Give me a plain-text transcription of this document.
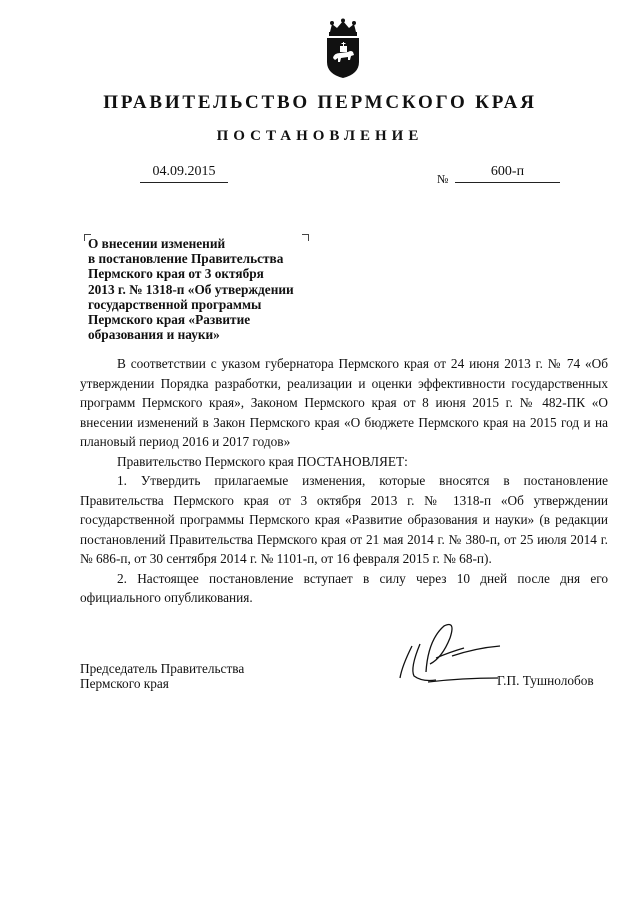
ПРАВИТЕЛЬСТВО ПЕРМСКОГО КРАЯ
ПОСТАНОВЛЕНИЕ
04.09.2015	№	600-п
О внесении изменений
в постановление Правительства
Пермского края от 3 октября
2013 г. № 1318-п «Об утверждении
государственной программы
Пермского края «Развитие
образования и науки»

В соответствии с указом губернатора Пермского края от 24 июня 2013 г. № 74 «Об утверждении Порядка разработки, реализации и оценки эффективности государственных программ Пермского края», Законом Пермского края от 8 июня 2015 г. № 482-ПК «О внесении изменений в Закон Пермского края «О бюджете Пермского края на 2015 год и на плановый период 2016 и 2017 годов»

Правительство Пермского края ПОСТАНОВЛЯЕТ:

1. Утвердить прилагаемые изменения, которые вносятся в постановление Правительства Пермского края от 3 октября 2013 г. № 1318-п «Об утверждении государственной программы Пермского края «Развитие образования и науки» (в редакции постановлений Правительства Пермского края от 21 мая 2014 г. № 380-п, от 25 июля 2014 г. № 686-п, от 30 сентября 2014 г. № 1101-п, от 16 февраля 2015 г. № 68-п).

2. Настоящее постановление вступает в силу через 10 дней после дня его официального опубликования.

Председатель Правительства
Пермского края	Г.П. Тушнолобов
